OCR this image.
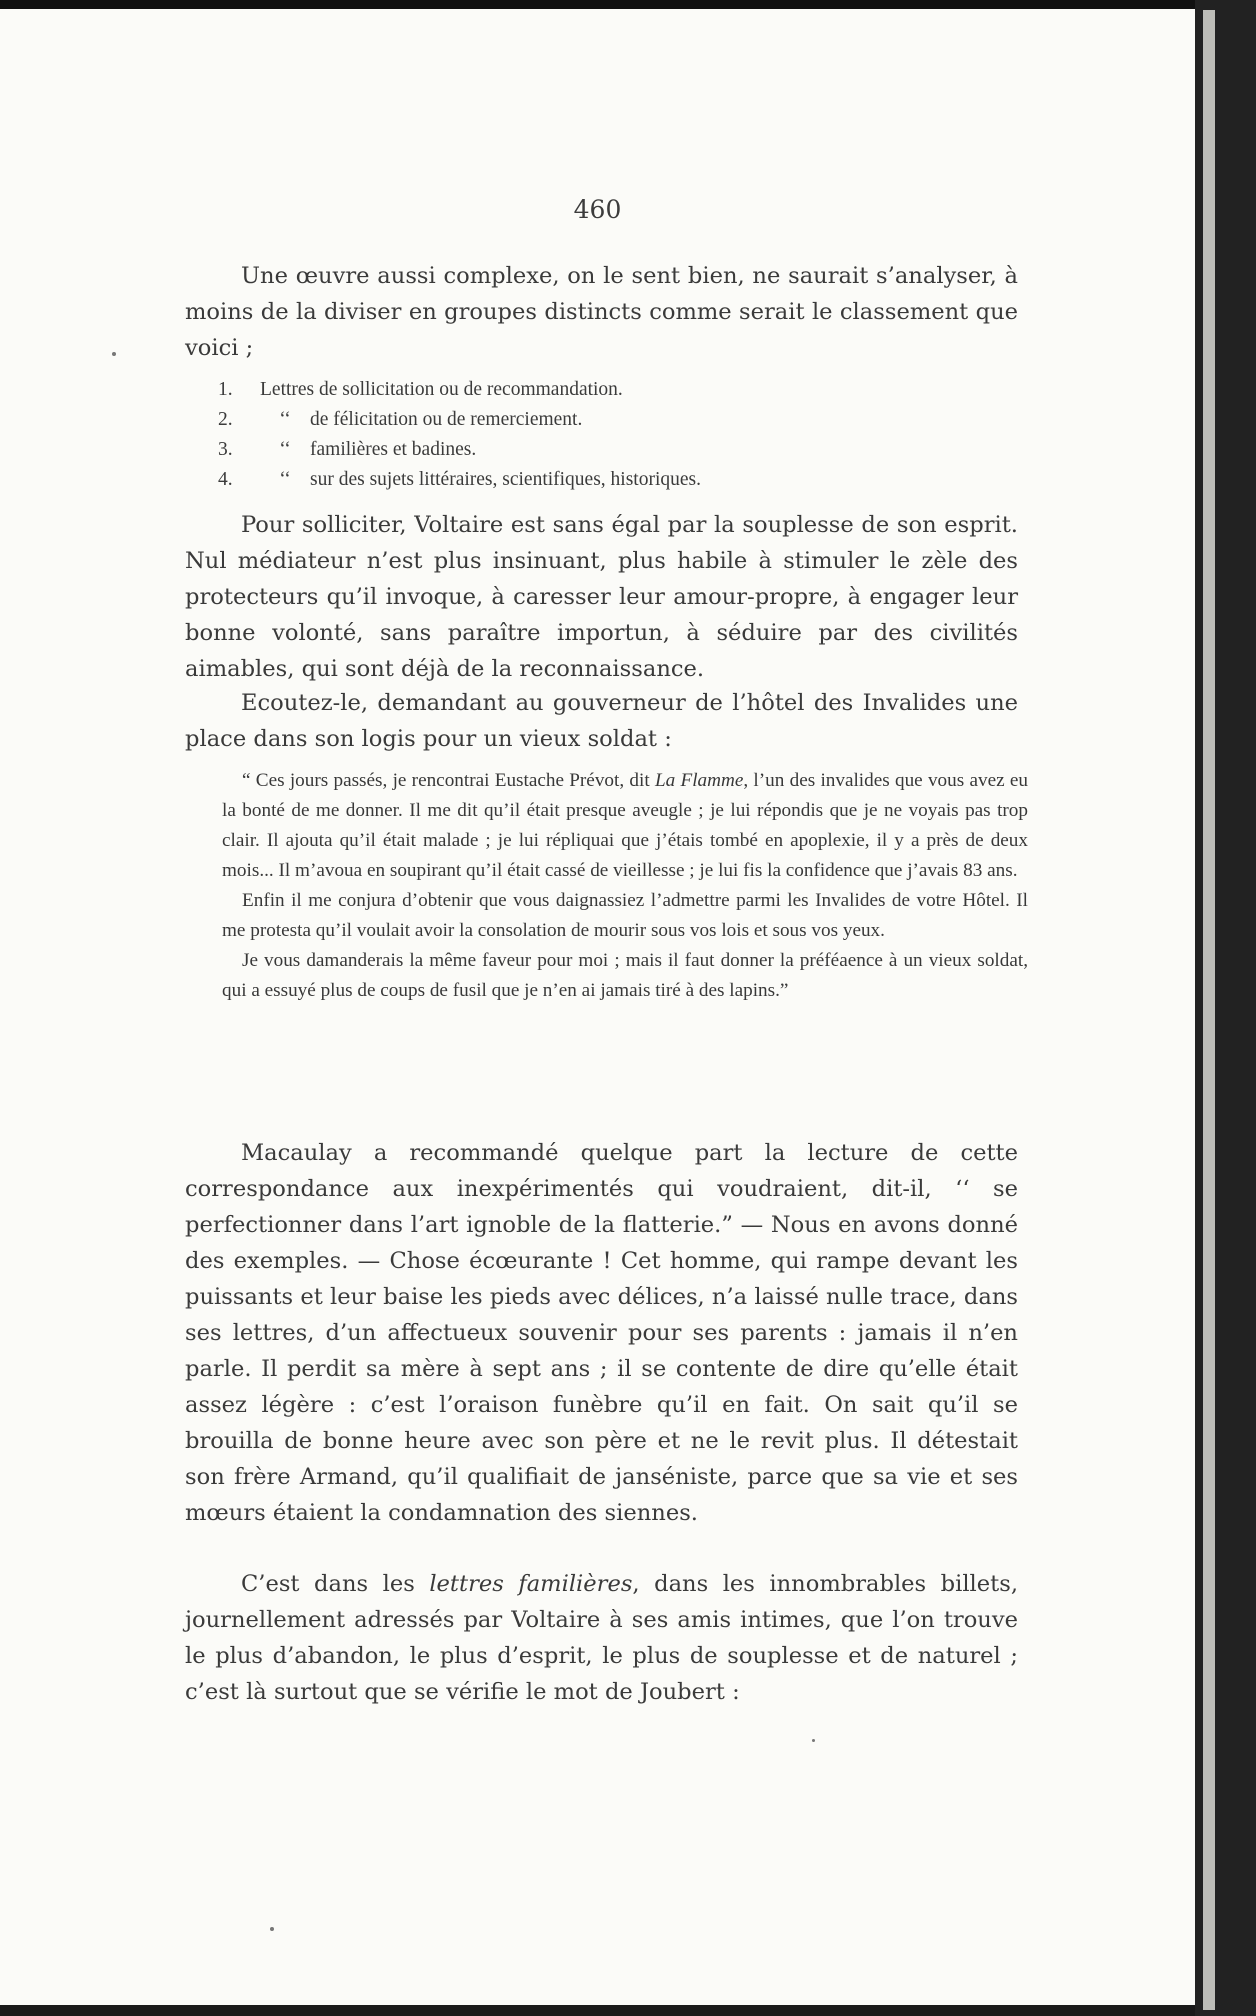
460

Une œuvre aussi complexe, on le sent bien, ne saurait s’analyser, à moins de la diviser en groupes distincts comme serait le classement que voici ;

1. Lettres de sollicitation ou de recommandation.
2. ‘‘ de félicitation ou de remerciement.
3. ‘‘ familières et badines.
4. ‘‘ sur des sujets littéraires, scientifiques, historiques.

Pour solliciter, Voltaire est sans égal par la souplesse de son esprit. Nul médiateur n’est plus insinuant, plus habile à stimuler le zèle des protecteurs qu’il invoque, à caresser leur amour-propre, à engager leur bonne volonté, sans paraître importun, à séduire par des civilités aimables, qui sont déjà de la reconnaissance.

Ecoutez-le, demandant au gouverneur de l’hôtel des Invalides une place dans son logis pour un vieux soldat :

“ Ces jours passés, je rencontrai Eustache Prévot, dit La Flamme, l’un des invalides que vous avez eu la bonté de me donner. Il me dit qu’il était presque aveugle ; je lui répondis que je ne voyais pas trop clair. Il ajouta qu’il était malade ; je lui répliquai que j’étais tombé en apoplexie, il y a près de deux mois... Il m’avoua en soupirant qu’il était cassé de vieillesse ; je lui fis la confidence que j’avais 83 ans.

Enfin il me conjura d’obtenir que vous daignassiez l’admettre parmi les Invalides de votre Hôtel. Il me protesta qu’il voulait avoir la consolation de mourir sous vos lois et sous vos yeux.

Je vous damanderais la même faveur pour moi ; mais il faut donner la préféaence à un vieux soldat, qui a essuyé plus de coups de fusil que je n’en ai jamais tiré à des lapins.”

Macaulay a recommandé quelque part la lecture de cette correspondance aux inexpérimentés qui voudraient, dit-il, ‘‘ se perfectionner dans l’art ignoble de la flatterie.” — Nous en avons donné des exemples. — Chose écœurante ! Cet homme, qui rampe devant les puissants et leur baise les pieds avec délices, n’a laissé nulle trace, dans ses lettres, d’un affectueux souvenir pour ses parents : jamais il n’en parle. Il perdit sa mère à sept ans ; il se contente de dire qu’elle était assez légère : c’est l’oraison funèbre qu’il en fait. On sait qu’il se brouilla de bonne heure avec son père et ne le revit plus. Il détestait son frère Armand, qu’il qualifiait de janséniste, parce que sa vie et ses mœurs étaient la condamnation des siennes.

C’est dans les lettres familières, dans les innombrables billets, journellement adressés par Voltaire à ses amis intimes, que l’on trouve le plus d’abandon, le plus d’esprit, le plus de souplesse et de naturel ; c’est là surtout que se vérifie le mot de Joubert :
